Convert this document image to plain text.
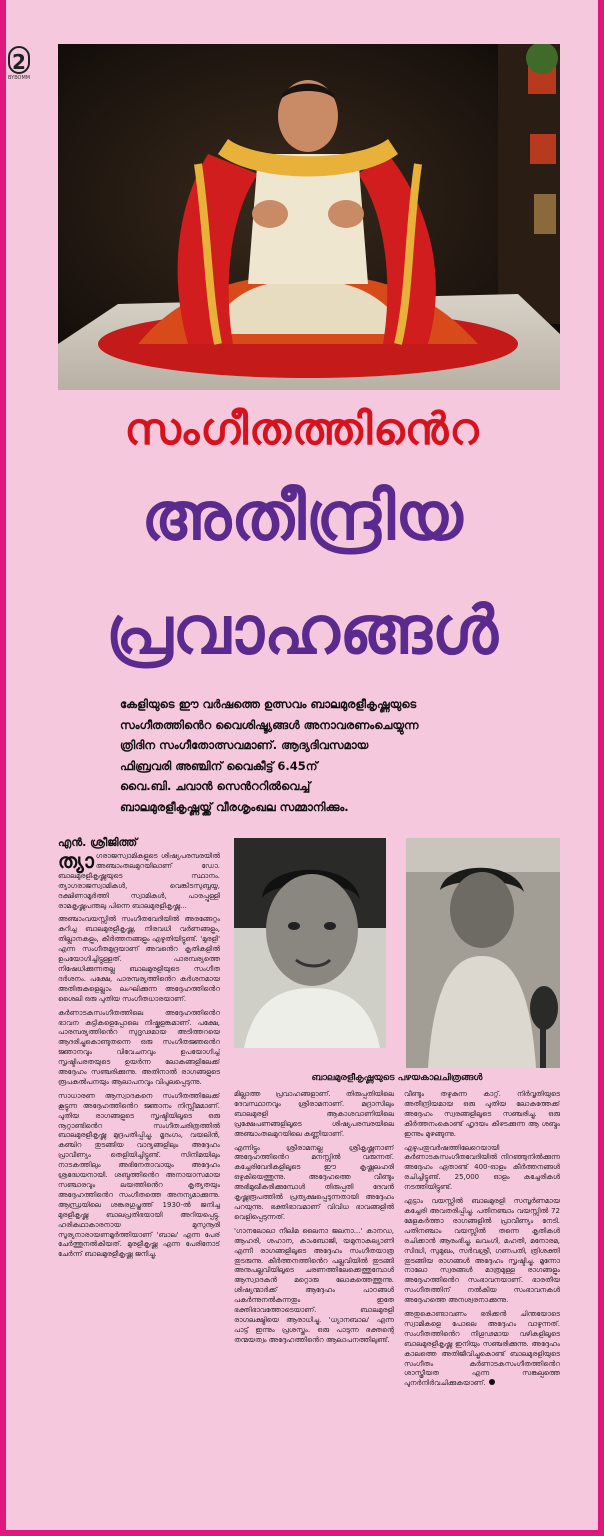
2
BYBOMM
സംഗീതത്തിൻെറ
അതീന്ദ്രിയ
പ്രവാഹങ്ങൾ
കേളിയുടെ ഈ വർഷത്തെ ഉത്സവം ബാലമുരളീകൃഷ്ണയുടെ
സംഗീതത്തിൻെറ വൈശിഷ്ട്യങ്ങൾ അനാവരണംചെയ്യുന്ന
ത്രിദിന സംഗീതോത്സവമാണ്. ആദ്യദിവസമായ
ഫിബ്രവരി അഞ്ചിന് വൈകീട്ട് 6.45ന്
വൈ.ബി. ചവാൻ സെൻററിൽവെച്ച്
ബാലമുരളീകൃഷ്ണയ്ക്ക് വീരശൃംഖല സമ്മാനിക്കും.
എൻ. ശ്രീജിത്ത്

ത്യാ ഗരാജസ്വാമികളുടെ ശിഷ്യപരമ്പരയിൽ അഞ്ചാംതലമുറയിലാണ് ഡോ. ബാലമുരളീകൃഷ്ണയുടെ സ്ഥാനം. ത്യാഗരാജസ്വാമികൾ, വെങ്കിടസുബ്ബയ്യ, ദക്ഷിണാമൂർത്തി സ്വാമികൾ, പാരപ്പുള്ളി രാമകൃഷ്ണപന്തലു പിന്നെ ബാലമുരളീകൃഷ്ണ...

അഞ്ചാംവയസ്സിൽ സംഗീതവേദിയിൽ അരങ്ങേറ്റം കുറിച്ച ബാലമുരളീകൃഷ്ണ, നിരവധി വർണങ്ങളും, തില്ലാനകളും, കീർത്തനങ്ങളും എഴുതിയിട്ടുണ്ട്. 'മുരളി' എന്ന സംഗീതമുദ്രയാണ് അവൻെറ കൃതികളിൽ ഉപയോഗിച്ചിട്ടുള്ളത്. പാരമ്പര്യത്തെ നിഷേധിക്കുന്നതല്ല ബാലമുരളിയുടെ സംഗീത ദർശനം. പക്ഷേ, പാരമ്പര്യത്തിൻെറ കർശനമായ അതിരുകളെല്ലാം ലംഘിക്കുന്ന അദ്ദേഹത്തിൻെറ ശൈലി ഒരു പുതിയ സംഗീതധാരയാണ്.

കർണാടകസംഗീതത്തിലെ അദ്ദേഹത്തിൻെറ ഭാവന കുട്ടികളെപ്പോലെ നിഷ്കളങ്കമാണ്. പക്ഷേ, പാരമ്പര്യത്തിൻെറ സുദൃഢമായ അടിത്തറയെ ആദരിച്ചുകൊണ്ടുതന്നെ ഒരു സംഗീതജ്ഞൻെറ ജ്ഞാനവും വിവേചനവും ഉപയോഗിച്ച് സൃഷ്ടിപരതയുടെ ഉയർന്ന ലോകങ്ങളിലേക്ക് അദ്ദേഹം സഞ്ചരിക്കുന്നു. അതിനാൽ രാഗങ്ങളുടെ രൂപകൽപനയും ആലാപനവും വിപുലപ്പെടുന്നു.

സാധാരണ ആസ്വാദകനെ സംഗീതത്തിലേക്ക് കൂട്ടുന്ന അദ്ദേഹത്തിൻെറ ജ്ഞാനം നിസ്സീമമാണ്. പുതിയ രാഗങ്ങളുടെ സൃഷ്ടിയിലൂടെ ഒരു നൂറ്റാണ്ടിൻെറ സംഗീതചരിത്രത്തിൽ ബാലമുരളീകൃഷ്ണ മുദ്രപതിപ്പിച്ചു. മൃദംഗം, വയലിൻ, കഞ്ചിറ തുടങ്ങിയ വാദ്യങ്ങളിലും അദ്ദേഹം പ്രാവീണ്യം തെളിയിച്ചിട്ടുണ്ട്. സിനിമയിലും നാടകത്തിലും അഭിനേതാവായും അദ്ദേഹം ശ്രദ്ധേയനായി. ശബ്ദത്തിൻെറ അനായാസമായ സഞ്ചാരവും ലയത്തിൻെറ കൃത്യതയും അദ്ദേഹത്തിൻെറ സംഗീതത്തെ അനന്യമാക്കുന്നു. ആന്ധ്രയിലെ ശങ്കരഗുപ്തത്ത് 1930-ൽ ജനിച്ച മുരളീകൃഷ്ണ ബാലപ്രതിഭയായി അറിയപ്പെട്ടു. ഹരികഥാകാരനായ മുസുനൂരി സൂര്യനാരായണമൂർത്തിയാണ് 'ബാല' എന്ന പേര് ചേർത്തുനൽകിയത്. മുരളീകൃഷ്ണ എന്ന പേരിനോട് ചേർന്ന് ബാലമുരളീകൃഷ്ണ ജനിച്ചു.

ബാലമുരളീകൃഷ്ണയുടെ പഴയകാലചിത്രങ്ങൾ

മില്ലാത്ത പ്രവാഹങ്ങളാണ്. തിരുപ്പതിയിലെ ദേവസ്ഥാനവും ശ്രീരാമനാണ്. മദ്രാസിലും ബാലമുരളി ആകാശവാണിയിലെ പ്രക്ഷേപണങ്ങളിലൂടെ ശിഷ്യപരമ്പരയിലെ അഞ്ചാംതലമുറയിലെ കണ്ണിയാണ്.

എന്നിട്ടും ശ്രീരാമനല്ല ശ്രീകൃഷ്ണനാണ് അദ്ദേഹത്തിൻെറ മനസ്സിൽ വരുന്നത്. കച്ചേരിവേദികളിലൂടെ ഈ കൃഷ്ണലഹരി ഒഴുകിയെത്തുന്നു. അദ്ദേഹത്തെ വീണ്ടും അഭിമുഖീകരിക്കുമ്പോൾ തിരുപ്പതി ദേവൻ കൃഷ്ണരൂപത്തിൽ പ്രത്യക്ഷപ്പെടുന്നതായി അദ്ദേഹം പറയുന്നു. ഭക്തിഭാവമാണ് വിവിധ ഭാവങ്ങളിൽ വെളിപ്പെടുന്നത്.

'ഗാനലോലാ നീലിമ ലൈനാ ജലനാ...' കാനഡ, ആഹരി, ശഹാന, കാംബോജി, യമുനാകല്യാണി എന്നീ രാഗങ്ങളിലൂടെ അദ്ദേഹം സംഗീതയാത്ര തുടരുന്നു. കീർത്തനത്തിൻെറ പല്ലവിയിൽ തുടങ്ങി അനുപല്ലവിയിലൂടെ ചരണത്തിലേക്കെത്തുമ്പോൾ ആസ്വാദകൻ മറ്റൊരു ലോകത്തെത്തുന്നു. ശിഷ്യന്മാർക്ക് ആദ്ദേഹം പാഠങ്ങൾ പകർന്നുനൽകുന്നതും ഇതേ ഭക്തിഭാവത്തോടെയാണ്. ബാലമുരളി രാഗലക്ഷ്മിയെ ആരാധിച്ചു. 'ധ്യാനബാല' എന്ന പാട്ട് ഇന്നും പ്രശസ്തം. ഒരു പാടുന്ന ഭക്തന്റെ തന്മയത്വം അദ്ദേഹത്തിൻെറ ആലാപനത്തിലുണ്ട്.

വീണ്ടും തഴുകുന്ന കാറ്റ്. നിർവൃതിയുടെ അതീന്ദ്രിയമായ ഒരു പുതിയ ലോകത്തേക്ക് അദ്ദേഹം സ്വരങ്ങളിലൂടെ സഞ്ചരിച്ചു. ഒരു കീർത്തനംകൊണ്ട് ഹൃദയം കീഴടക്കുന്ന ആ ശബ്ദം ഇന്നും മുഴങ്ങുന്നു.

എഴുപതുവർഷത്തിലേറെയായി കർണാടകസംഗീതവേദിയിൽ നിറഞ്ഞുനിൽക്കുന്ന അദ്ദേഹം ഏതാണ്ട് 400-ഓളം കീർത്തനങ്ങൾ രചിച്ചിട്ടുണ്ട്. 25,000 ഓളം കച്ചേരികൾ നടത്തിയിട്ടുണ്ട്.

എട്ടാം വയസ്സിൽ ബാലമുരളി സമ്പൂർണമായ കച്ചേരി അവതരിപ്പിച്ചു. പതിനഞ്ചാം വയസ്സിൽ 72 മേളകർത്താ രാഗങ്ങളിൽ പ്രാവീണ്യം നേടി. പതിനഞ്ചാം വയസ്സിൽ തന്നെ കൃതികൾ രചിക്കാൻ ആരംഭിച്ചു. ലവംഗി, മഹതി, മനോരമ, സിദ്ധി, സുമുഖം, സർവശ്രീ, ഗണപതി, ത്രിശക്തി തുടങ്ങിയ രാഗങ്ങൾ അദ്ദേഹം സൃഷ്ടിച്ചു. മൂന്നോ നാലോ സ്വരങ്ങൾ മാത്രമുള്ള രാഗങ്ങളും അദ്ദേഹത്തിൻെറ സംഭാവനയാണ്. ഭാരതീയ സംഗീതത്തിന് നൽകിയ സംഭാവനകൾ അദ്ദേഹത്തെ അനശ്വരനാക്കുന്നു.

അതുകൊണ്ടാവണം ഭരിക്കൻ ചിന്തയോടെ സ്വാമികളെ പോലെ അദ്ദേഹം വാഴുന്നത്. സംഗീതത്തിൻെറ നിഗൂഢമായ വഴികളിലൂടെ ബാലമുരളീകൃഷ്ണ ഇനിയും സഞ്ചരിക്കുന്നു. അദ്ദേഹം കാലത്തെ അതിജീവിച്ചുകൊണ്ട് ബാലമുരളിയുടെ സംഗീതം കർണാടകസംഗീതത്തിൻെറ ശാസ്ത്രീയത എന്ന സങ്കല്പത്തെ പുനർനിർവചിക്കുകയാണ്.
